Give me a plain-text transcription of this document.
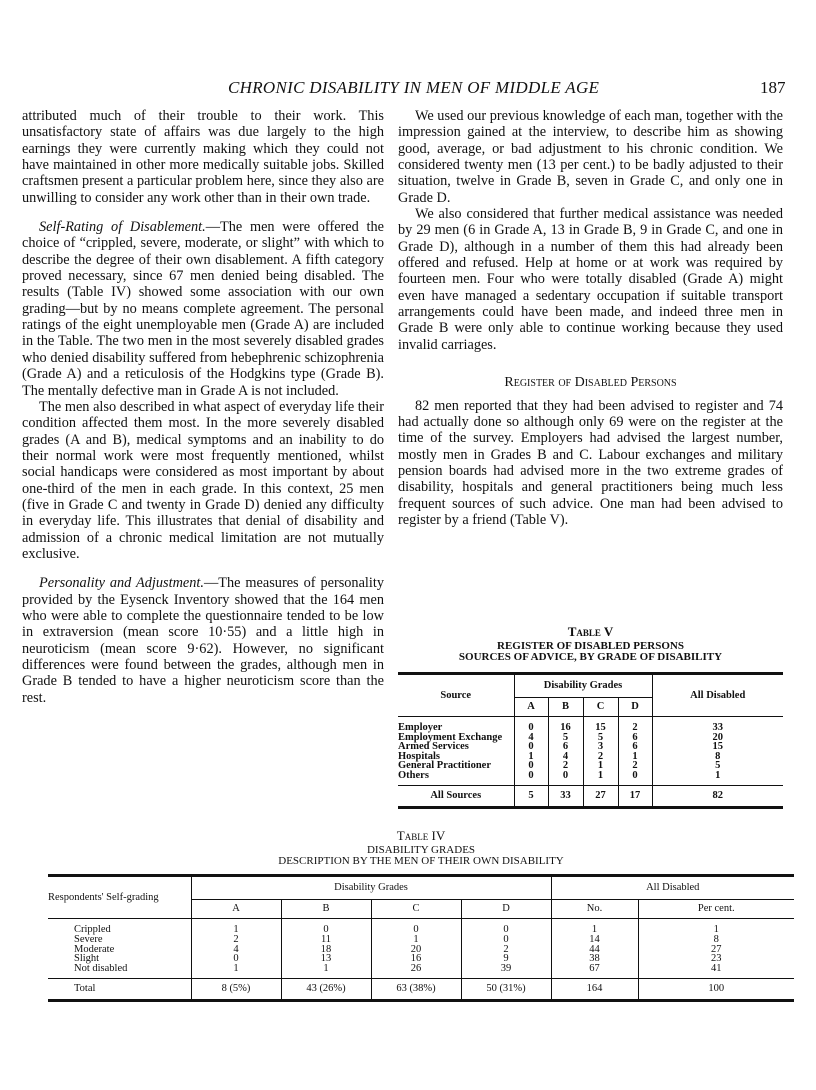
CHRONIC DISABILITY IN MEN OF MIDDLE AGE	187

attributed much of their trouble to their work. This unsatisfactory state of affairs was due largely to the high earnings they were currently making which they could not have maintained in other more medically suitable jobs. Skilled craftsmen present a particular problem here, since they also are unwilling to consider any work other than in their own trade.

Self-Rating of Disablement.—The men were offered the choice of “crippled, severe, moderate, or slight” with which to describe the degree of their own disablement. A fifth category proved necessary, since 67 men denied being disabled. The results (Table IV) showed some association with our own grading—but by no means complete agreement. The personal ratings of the eight unemployable men (Grade A) are included in the Table. The two men in the most severely disabled grades who denied disability suffered from hebephrenic schizophrenia (Grade A) and a reticulosis of the Hodgkins type (Grade B). The mentally defective man in Grade A is not included.

The men also described in what aspect of everyday life their condition affected them most. In the more severely disabled grades (A and B), medical symptoms and an inability to do their normal work were most frequently mentioned, whilst social handicaps were considered as most important by about one-third of the men in each grade. In this context, 25 men (five in Grade C and twenty in Grade D) denied any difficulty in everyday life. This illustrates that denial of disability and admission of a chronic medical limitation are not mutually exclusive.

Personality and Adjustment.—The measures of personality provided by the Eysenck Inventory showed that the 164 men who were able to complete the questionnaire tended to be low in extraversion (mean score 10·55) and a little high in neuroticism (mean score 9·62). However, no significant differences were found between the grades, although men in Grade B tended to have a higher neuroticism score than the rest.

We used our previous knowledge of each man, together with the impression gained at the interview, to describe him as showing good, average, or bad adjustment to his chronic condition. We considered twenty men (13 per cent.) to be badly adjusted to their situation, twelve in Grade B, seven in Grade C, and only one in Grade D.

We also considered that further medical assistance was needed by 29 men (6 in Grade A, 13 in Grade B, 9 in Grade C, and one in Grade D), although in a number of them this had already been offered and refused. Help at home or at work was required by fourteen men. Four who were totally disabled (Grade A) might even have managed a sedentary occupation if suitable transport arrangements could have been made, and indeed three men in Grade B were only able to continue working because they used invalid carriages.

Register of Disabled Persons

82 men reported that they had been advised to register and 74 had actually done so although only 69 were on the register at the time of the survey. Employers had advised the largest number, mostly men in Grades B and C. Labour exchanges and military pension boards had advised more in the two extreme grades of disability, hospitals and general practitioners being much less frequent sources of such advice. One man had been advised to register by a friend (Table V).

Table V
REGISTER OF DISABLED PERSONS
SOURCES OF ADVICE, BY GRADE OF DISABILITY
Source	Disability Grades				All Disabled
	A	B	C	D	
Employer	0	16	15	2	33
Employment Exchange	4	5	5	6	20
Armed Services	0	6	3	6	15
Hospitals	1	4	2	1	8
General Practitioner	0	2	1	2	5
Others	0	0	1	0	1
All Sources	5	33	27	17	82
Table IV
DISABILITY GRADES
DESCRIPTION BY THE MEN OF THEIR OWN DISABILITY
Respondents' Self-grading	Disability Grades				All Disabled	
	A	B	C	D	No.	Per cent.
Crippled	1	0	0	0	1	1
Severe	2	11	1	0	14	8
Moderate	4	18	20	2	44	27
Slight	0	13	16	9	38	23
Not disabled	1	1	26	39	67	41
Total	8 (5%)	43 (26%)	63 (38%)	50 (31%)	164	100
